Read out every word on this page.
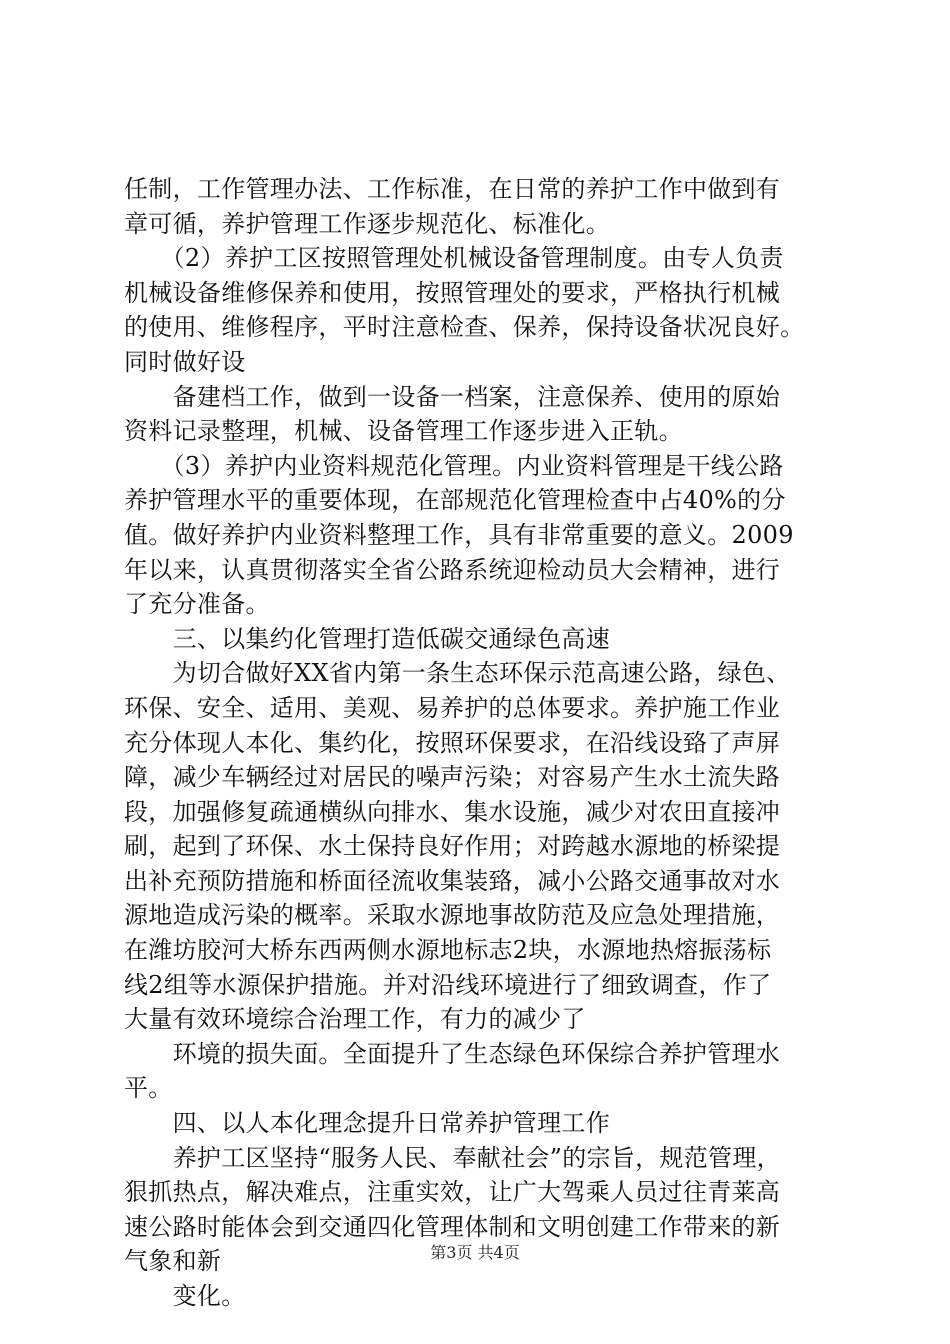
任制，工作管理办法、工作标准，在日常的养护工作中做到有
章可循，养护管理工作逐步规范化、标准化。
　　（2）养护工区按照管理处机械设备管理制度。由专人负责
机械设备维修保养和使用，按照管理处的要求，严格执行机械
的使用、维修程序，平时注意检查、保养，保持设备状况良好。
同时做好设
　　备建档工作，做到一设备一档案，注意保养、使用的原始
资料记录整理，机械、设备管理工作逐步进入正轨。
　　（3）养护内业资料规范化管理。内业资料管理是干线公路
养护管理水平的重要体现，在部规范化管理检查中占40%的分
值。做好养护内业资料整理工作，具有非常重要的意义。2009
年以来，认真贯彻落实全省公路系统迎检动员大会精神，进行
了充分准备。
　　三、以集约化管理打造低碳交通绿色高速
　　为切合做好XX省内第一条生态环保示范高速公路，绿色、
环保、安全、适用、美观、易养护的总体要求。养护施工作业
充分体现人本化、集约化，按照环保要求，在沿线设臵了声屏
障，减少车辆经过对居民的噪声污染；对容易产生水土流失路
段，加强修复疏通横纵向排水、集水设施，减少对农田直接冲
刷，起到了环保、水土保持良好作用；对跨越水源地的桥梁提
出补充预防措施和桥面径流收集装臵，减小公路交通事故对水
源地造成污染的概率。采取水源地事故防范及应急处理措施，
在潍坊胶河大桥东西两侧水源地标志2块，水源地热熔振荡标
线2组等水源保护措施。并对沿线环境进行了细致调查，作了
大量有效环境综合治理工作，有力的减少了
　　环境的损失面。全面提升了生态绿色环保综合养护管理水
平。
　　四、以人本化理念提升日常养护管理工作
　　养护工区坚持“服务人民、奉献社会”的宗旨，规范管理，
狠抓热点，解决难点，注重实效，让广大驾乘人员过往青莱高
速公路时能体会到交通四化管理体制和文明创建工作带来的新
气象和新
　　变化。
第3页 共4页
